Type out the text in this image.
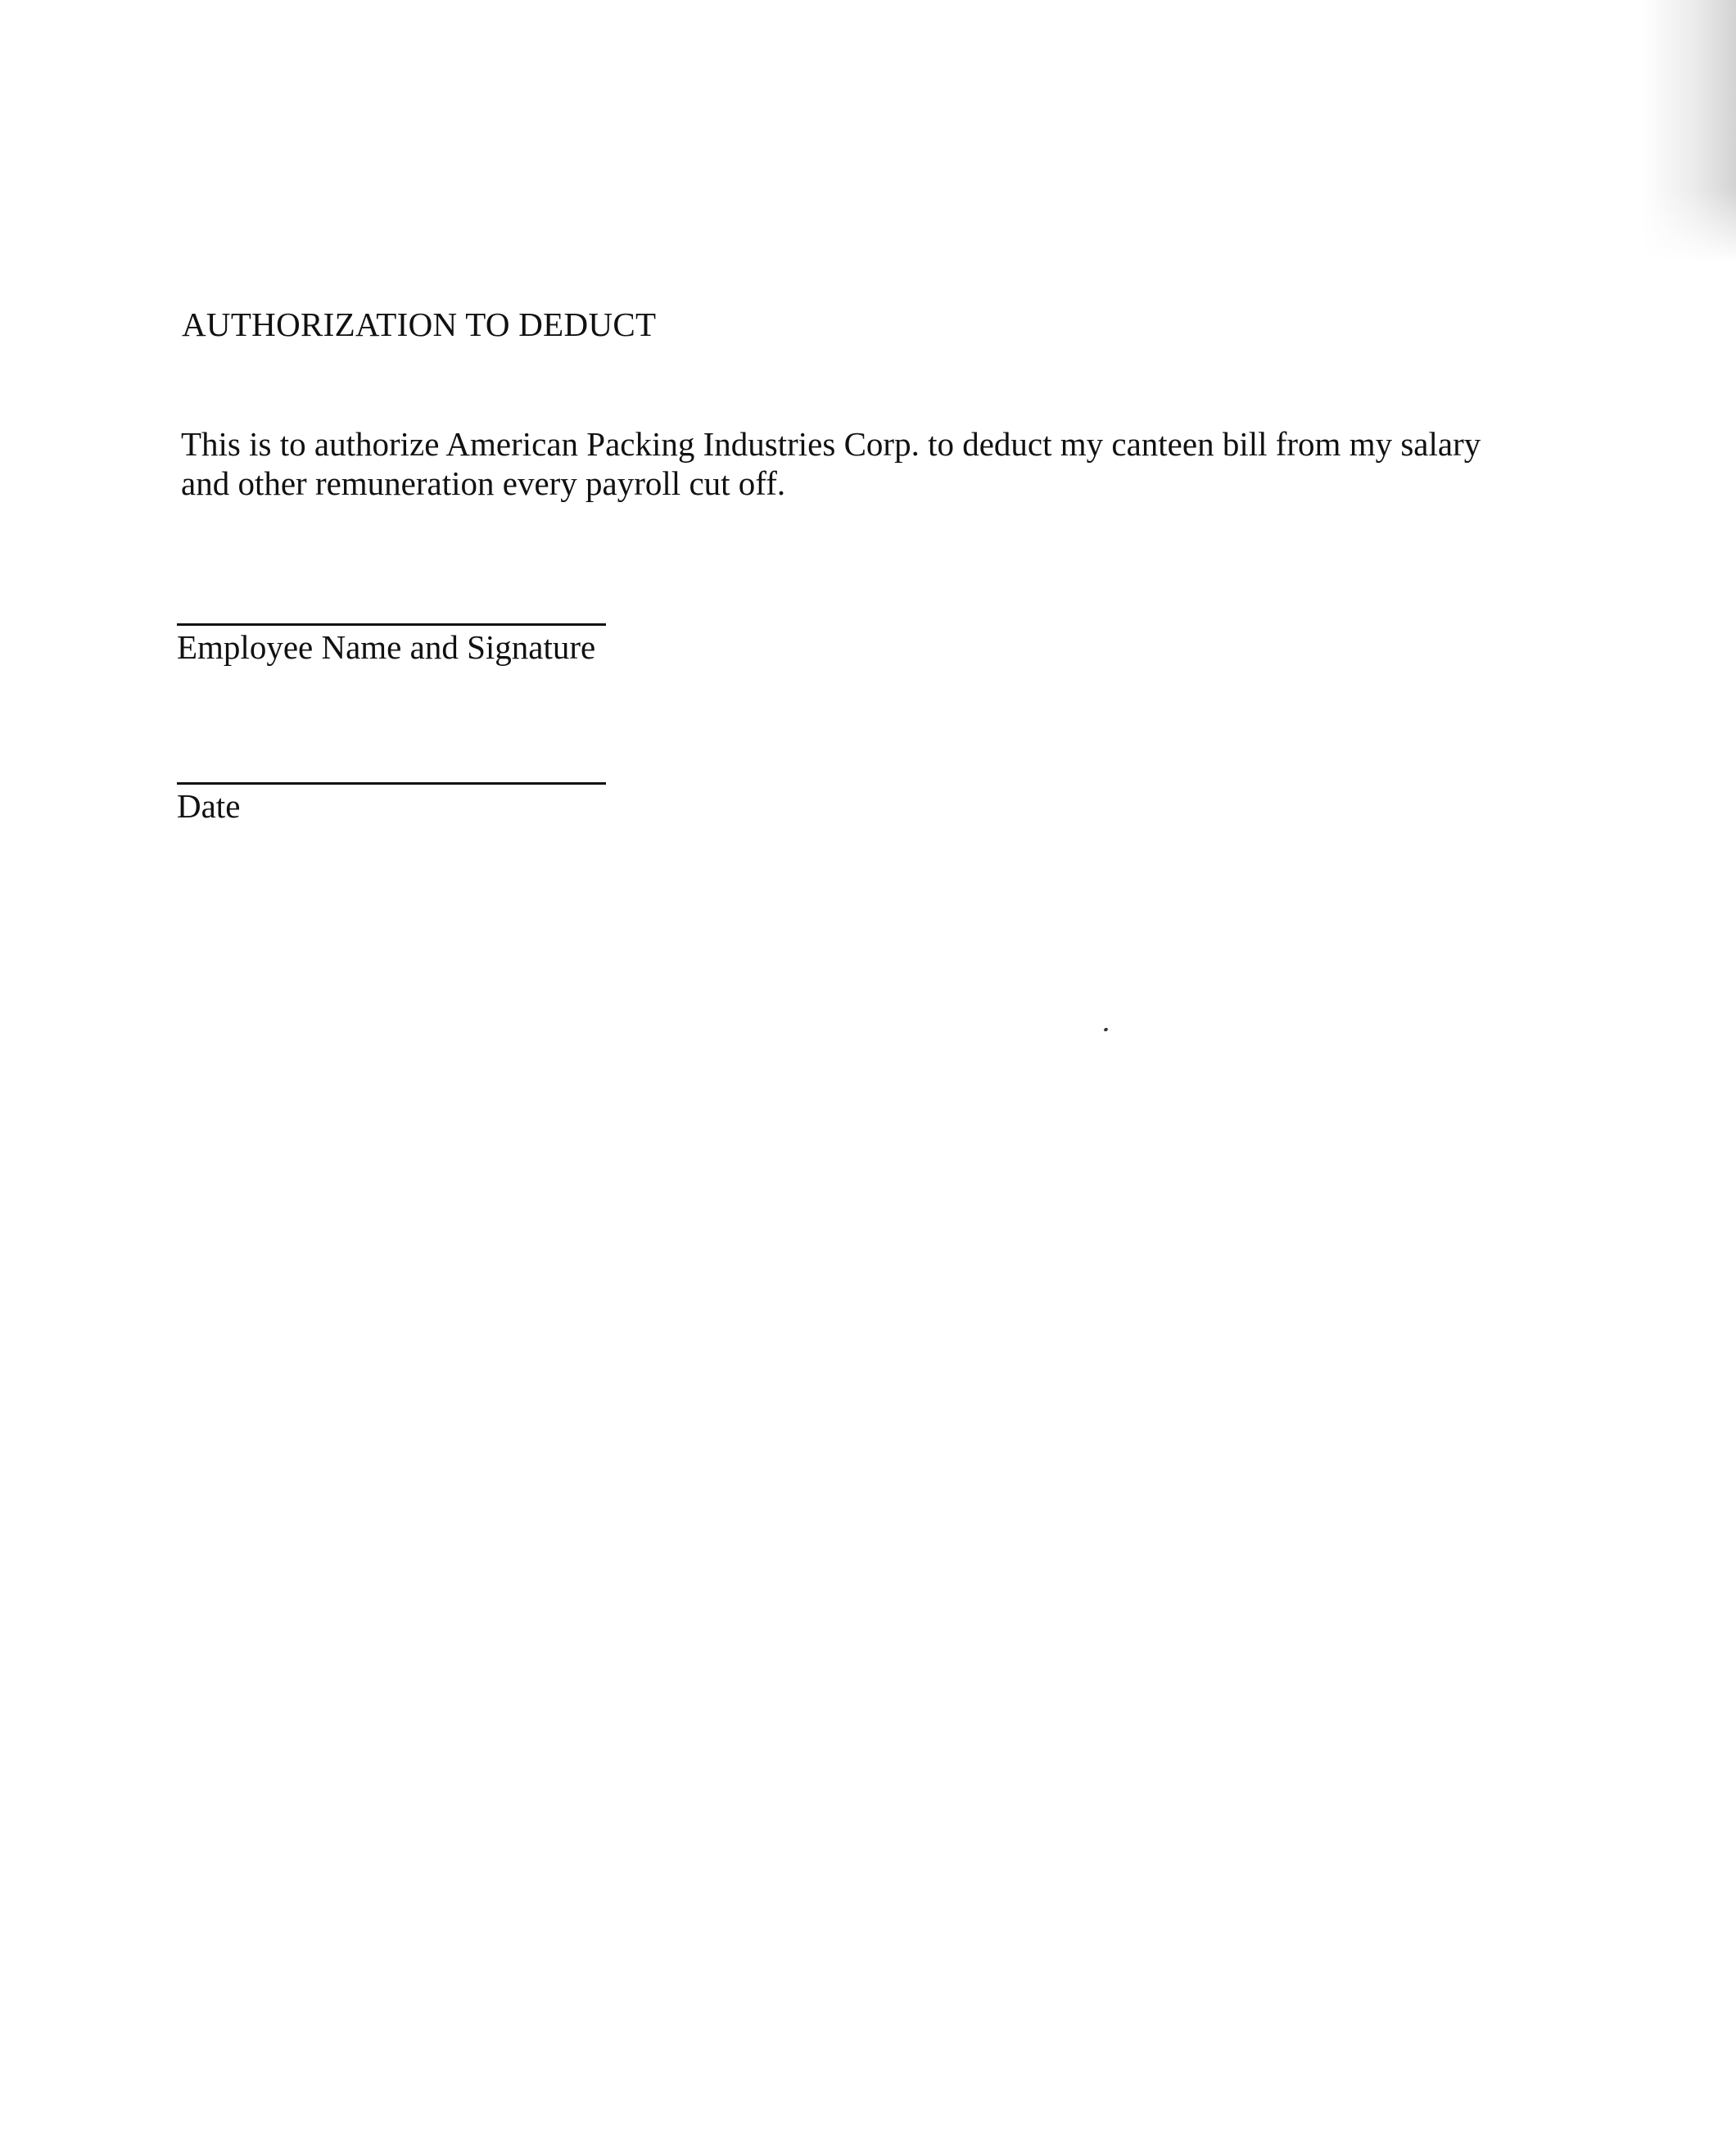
AUTHORIZATION TO DEDUCT

This is to authorize American Packing Industries Corp. to deduct my canteen bill from my salary
and other remuneration every payroll cut off.

Employee Name and Signature
Date
